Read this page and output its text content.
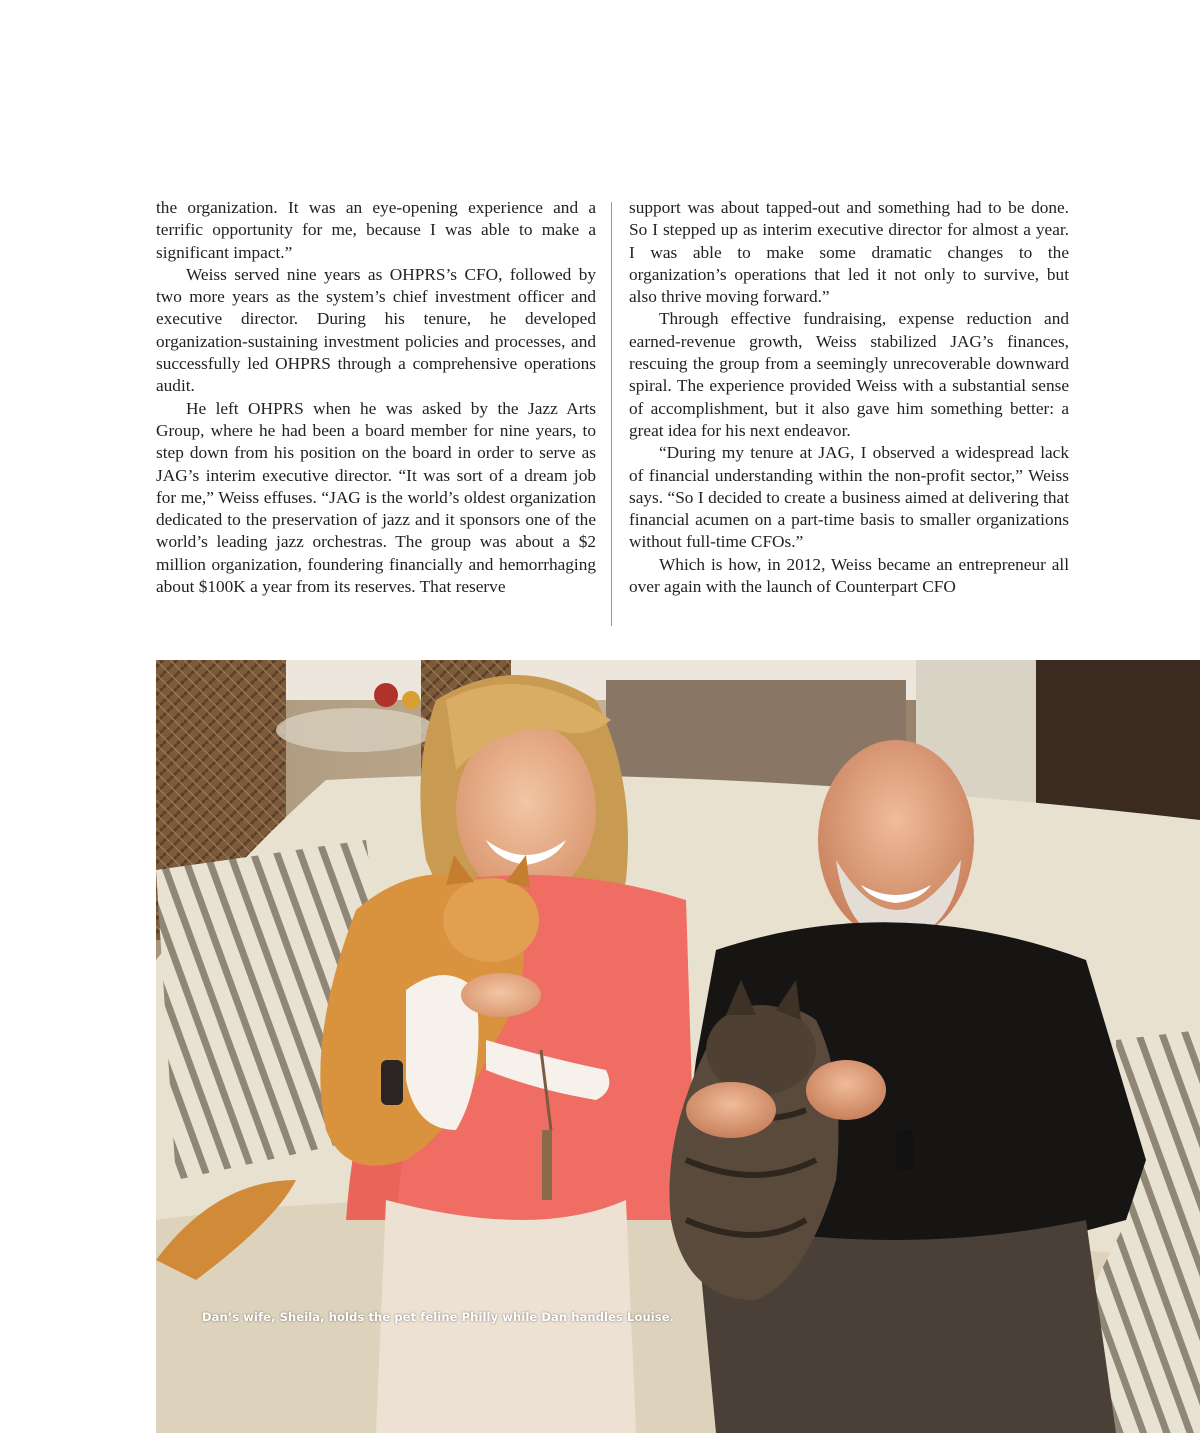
the organization. It was an eye-opening experience and a terrific opportunity for me, because I was able to make a significant impact.”

Weiss served nine years as OHPRS’s CFO, followed by two more years as the system’s chief investment officer and executive director. During his tenure, he developed organization-sustaining investment policies and processes, and successfully led OHPRS through a comprehensive operations audit.

He left OHPRS when he was asked by the Jazz Arts Group, where he had been a board member for nine years, to step down from his position on the board in order to serve as JAG’s interim executive director. “It was sort of a dream job for me,” Weiss effuses. “JAG is the world’s oldest organization dedicated to the preservation of jazz and it sponsors one of the world’s leading jazz orchestras. The group was about a $2 million organization, foundering financially and hemorrhaging about $100K a year from its reserves. That reserve

support was about tapped-out and something had to be done. So I stepped up as interim executive director for almost a year. I was able to make some dramatic changes to the organization’s operations that led it not only to survive, but also thrive moving forward.”

Through effective fundraising, expense reduction and earned-revenue growth, Weiss stabilized JAG’s finances, rescuing the group from a seemingly unrecoverable downward spiral. The experience provided Weiss with a substantial sense of accomplishment, but it also gave him something better: a great idea for his next endeavor.

“During my tenure at JAG, I observed a widespread lack of financial understanding within the non-profit sector,” Weiss says. “So I decided to create a business aimed at delivering that financial acumen on a part-time basis to smaller organizations without full-time CFOs.”

Which is how, in 2012, Weiss became an entrepreneur all over again with the launch of Counterpart CFO

Dan’s wife, Sheila, holds the pet feline Philly while Dan handles Louise.
